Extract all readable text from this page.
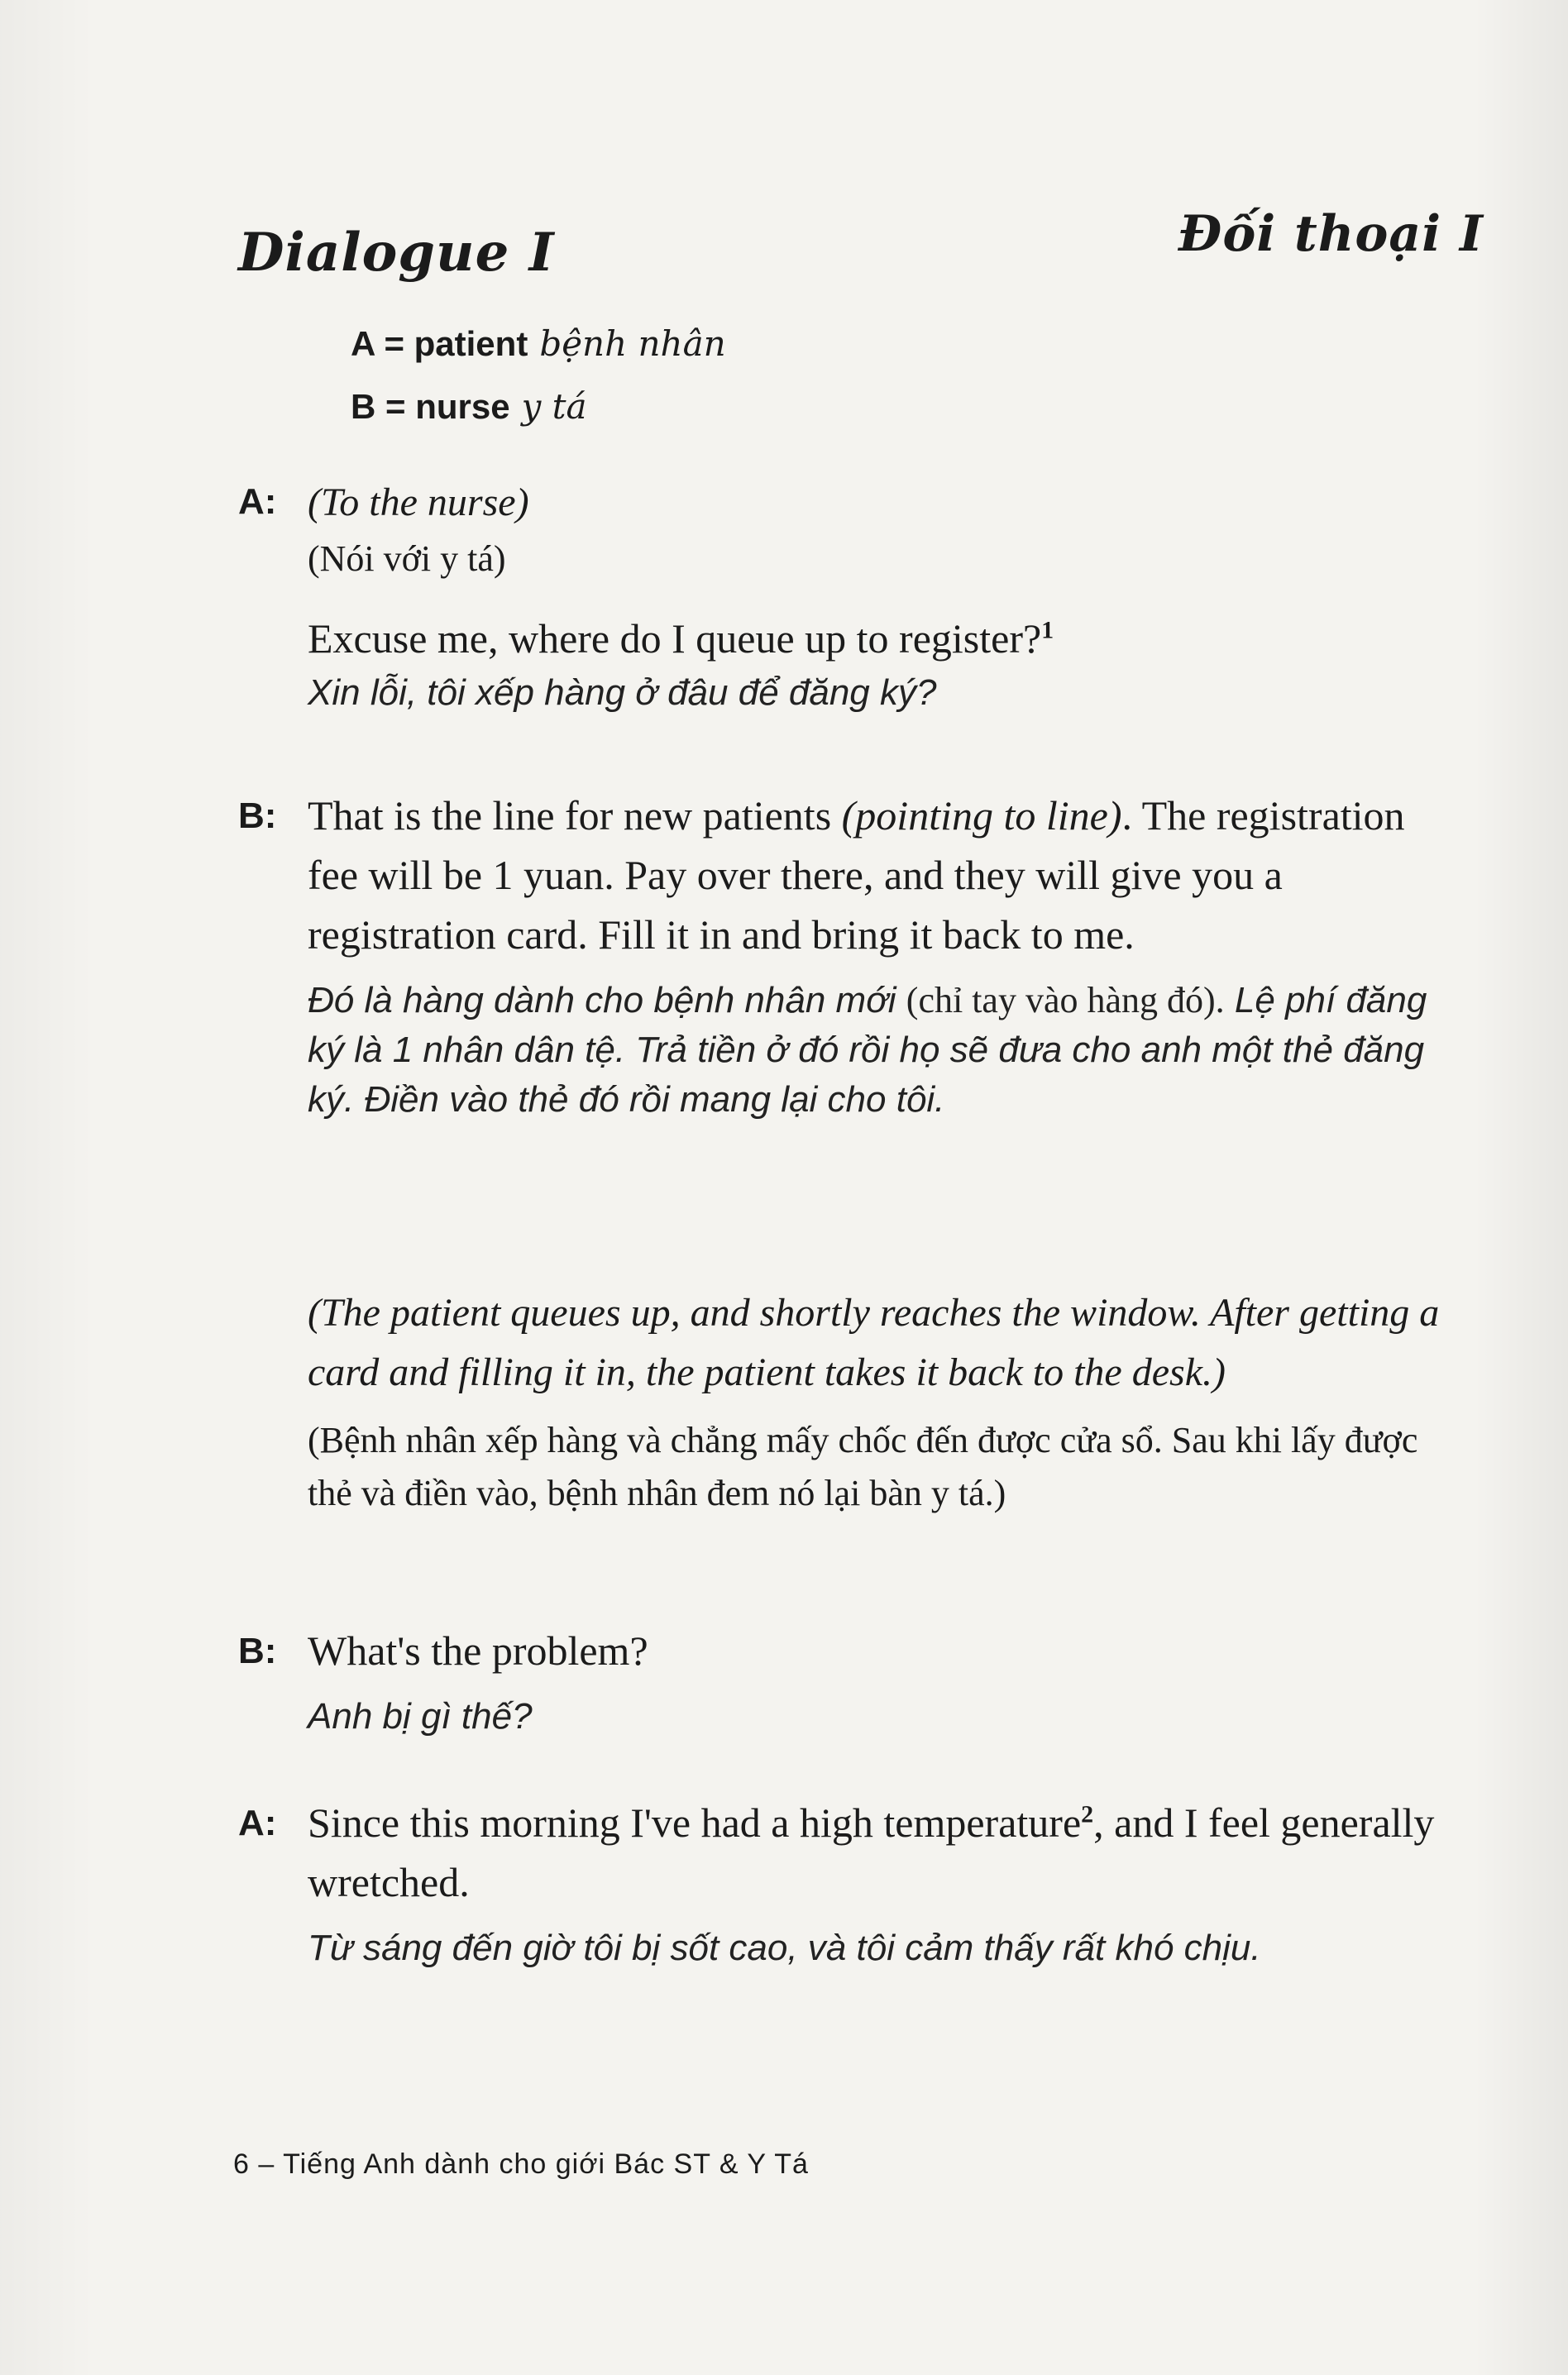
Dialogue I	Đối thoại I
A = patient bệnh nhân
B = nurse y tá
A: (To the nurse)
(Nói với y tá)
Excuse me, where do I queue up to register?$^1$
Xin lỗi, tôi xếp hàng ở đâu để đăng ký?
B: That is the line for new patients (pointing to line). The registration fee will be 1 yuan. Pay over there, and they will give you a registration card. Fill it in and bring it back to me.
Đó là hàng dành cho bệnh nhân mới (chỉ tay vào hàng đó). Lệ phí đăng ký là 1 nhân dân tệ. Trả tiền ở đó rồi họ sẽ đưa cho anh một thẻ đăng ký. Điền vào thẻ đó rồi mang lại cho tôi.
(The patient queues up, and shortly reaches the window. After getting a card and filling it in, the patient takes it back to the desk.)
(Bệnh nhân xếp hàng và chẳng mấy chốc đến được cửa sổ. Sau khi lấy được thẻ và điền vào, bệnh nhân đem nó lại bàn y tá.)
B: What's the problem?
Anh bị gì thế?
A: Since this morning I've had a high temperature$^2$, and I feel generally wretched.
Từ sáng đến giờ tôi bị sốt cao, và tôi cảm thấy rất khó chịu.
6 – Tiếng Anh dành cho giới Bác ST & Y Tá
